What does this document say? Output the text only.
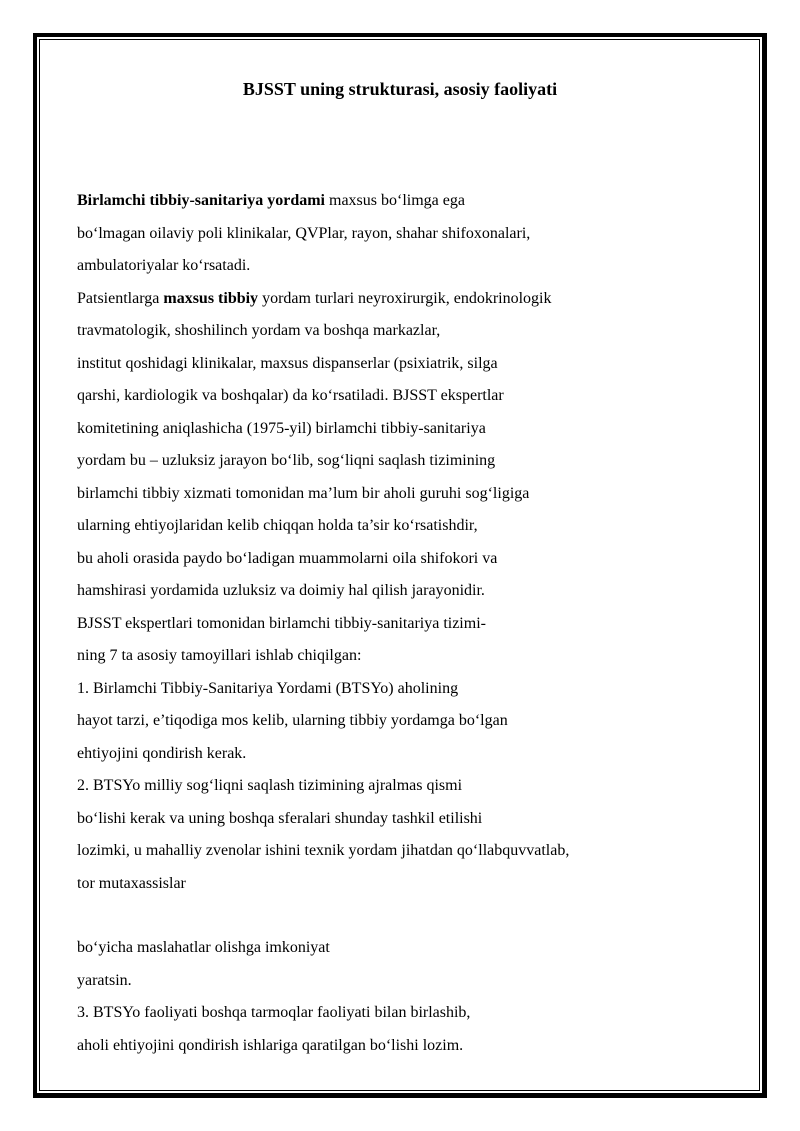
BJSST uning strukturasi, asosiy faoliyati
Birlamchi tibbiy-sanitariya yordami maxsus bo‘limga ega
bo‘lmagan oilaviy poli klinikalar, QVPlar, rayon, shahar shifoxonalari,
ambulatoriyalar ko‘rsatadi.
Patsientlarga maxsus tibbiy yordam turlari neyroxirurgik, endokrinologik
travmatologik, shoshilinch yordam va boshqa markazlar,
institut qoshidagi klinikalar, maxsus dispanserlar (psixiatrik, silga
qarshi, kardiologik va boshqalar) da ko‘rsatiladi. BJSST ekspertlar
komitetining aniqlashicha (1975-yil) birlamchi tibbiy-sanitariya
yordam bu – uzluksiz jarayon bo‘lib, sog‘liqni saqlash tizimining
birlamchi tibbiy xizmati tomonidan ma’lum bir aholi guruhi sog‘ligiga
ularning ehtiyojlaridan kelib chiqqan holda ta’sir ko‘rsatishdir,
bu aholi orasida paydo bo‘ladigan muammolarni oila shifokori va
hamshirasi yordamida uzluksiz va doimiy hal qilish jarayonidir.
BJSST ekspertlari tomonidan birlamchi tibbiy-sanitariya tizimi-
ning 7 ta asosiy tamoyillari ishlab chiqilgan:
1. Birlamchi Tibbiy-Sanitariya Yordami (BTSYo) aholining
hayot tarzi, e’tiqodiga mos kelib, ularning tibbiy yordamga bo‘lgan
ehtiyojini qondirish kerak.
2. BTSYo milliy sog‘liqni saqlash tizimining ajralmas qismi
bo‘lishi kerak va uning boshqa sferalari shunday tashkil etilishi
lozimki, u mahalliy zvenolar ishini texnik yordam jihatdan qo‘llabquvvatlab,
tor mutaxassislar
bo‘yicha maslahatlar olishga imkoniyat
yaratsin.
3. BTSYo faoliyati boshqa tarmoqlar faoliyati bilan birlashib,
aholi ehtiyojini qondirish ishlariga qaratilgan bo‘lishi lozim.
